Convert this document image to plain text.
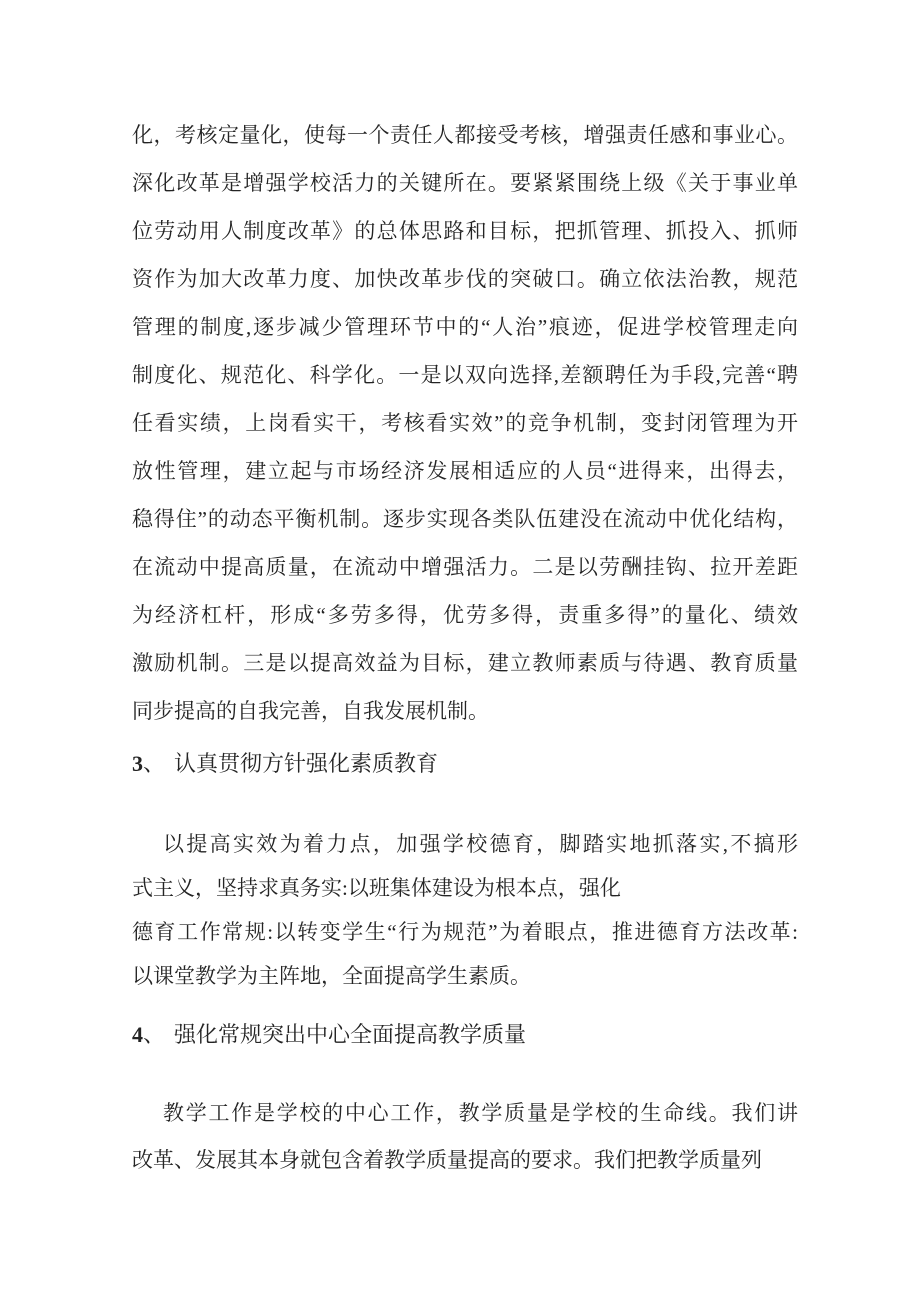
化，考核定量化，使每一个责任人都接受考核，增强责任感和事业心。
深化改革是增强学校活力的关键所在。要紧紧围绕上级《关于事业单
位劳动用人制度改革》的总体思路和目标，把抓管理、抓投入、抓师
资作为加大改革力度、加快改革步伐的突破口。确立依法治教，规范
管理的制度,逐步减少管理环节中的“人治”痕迹，促进学校管理走向
制度化、规范化、科学化。一是以双向选择,差额聘任为手段,完善“聘
任看实绩，上岗看实干，考核看实效”的竞争机制，变封闭管理为开
放性管理，建立起与市场经济发展相适应的人员“进得来，出得去，
稳得住”的动态平衡机制。逐步实现各类队伍建没在流动中优化结构，
在流动中提高质量，在流动中增强活力。二是以劳酬挂钩、拉开差距
为经济杠杆，形成“多劳多得，优劳多得，责重多得”的量化、绩效
激励机制。三是以提高效益为目标，建立教师素质与待遇、教育质量
同步提高的自我完善，自我发展机制。
3、 认真贯彻方针强化素质教育
以提高实效为着力点，加强学校德育，脚踏实地抓落实,不搞形
式主义，坚持求真务实:以班集体建设为根本点，强化
德育工作常规:以转变学生“行为规范”为着眼点，推进德育方法改革:
以课堂教学为主阵地，全面提高学生素质。
4、 强化常规突出中心全面提高教学质量
教学工作是学校的中心工作，教学质量是学校的生命线。我们讲
改革、发展其本身就包含着教学质量提高的要求。我们把教学质量列
